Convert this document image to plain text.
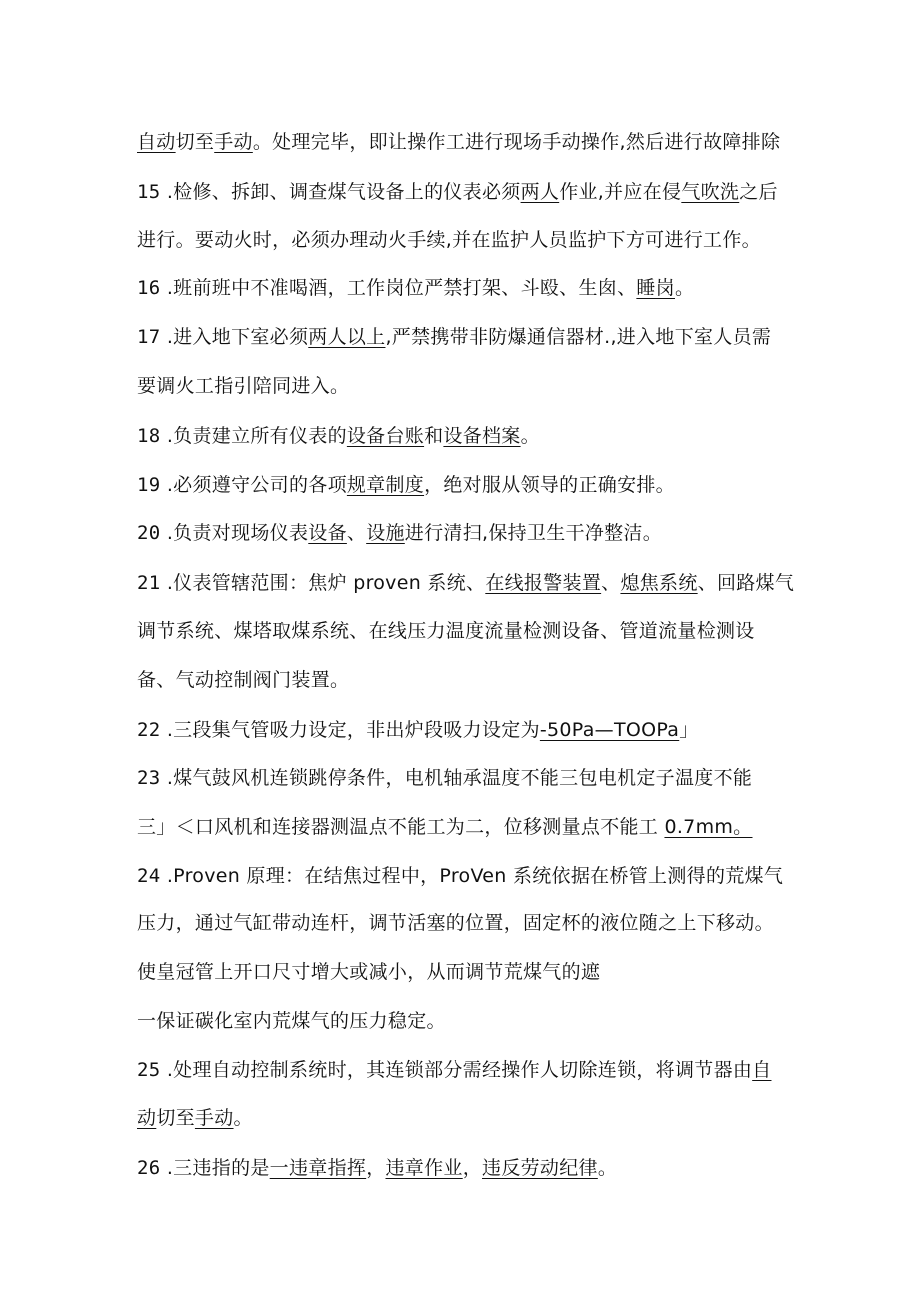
自动切至手动。处理完毕，即让操作工进行现场手动操作,然后进行故障排除
15 .检修、拆卸、调查煤气设备上的仪表必须两人作业,并应在侵气吹洗之后
进行。要动火时，必须办理动火手续,并在监护人员监护下方可进行工作。
16 .班前班中不准喝酒，工作岗位严禁打架、斗殴、生囱、睡岗。
17 .进入地下室必须两人以上,严禁携带非防爆通信器材.,进入地下室人员需
要调火工指引陪同进入。
18 .负责建立所有仪表的设备台账和设备档案。
19 .必须遵守公司的各项规章制度，绝对服从领导的正确安排。
20 .负责对现场仪表设备、设施进行清扫,保持卫生干净整洁。
21 .仪表管辖范围：焦炉 proven 系统、在线报警装置、熄焦系统、回路煤气
调节系统、煤塔取煤系统、在线压力温度流量检测设备、管道流量检测设
备、气动控制阀门装置。
22 .三段集气管吸力设定，非出炉段吸力设定为-50Pa—TOOPa」
23 .煤气鼓风机连锁跳停条件，电机轴承温度不能三包电机定子温度不能
三」＜口风机和连接器测温点不能工为二，位移测量点不能工 0.7mm。
24 .Proven 原理：在结焦过程中，ProVen 系统依据在桥管上测得的荒煤气
压力，通过气缸带动连杆，调节活塞的位置，固定杯的液位随之上下移动。
使皇冠管上开口尺寸增大或减小，从而调节荒煤气的遮
一保证碳化室内荒煤气的压力稳定。
25 .处理自动控制系统时，其连锁部分需经操作人切除连锁，将调节器由自
动切至手动。
26 .三违指的是一违章指挥，违章作业，违反劳动纪律。
